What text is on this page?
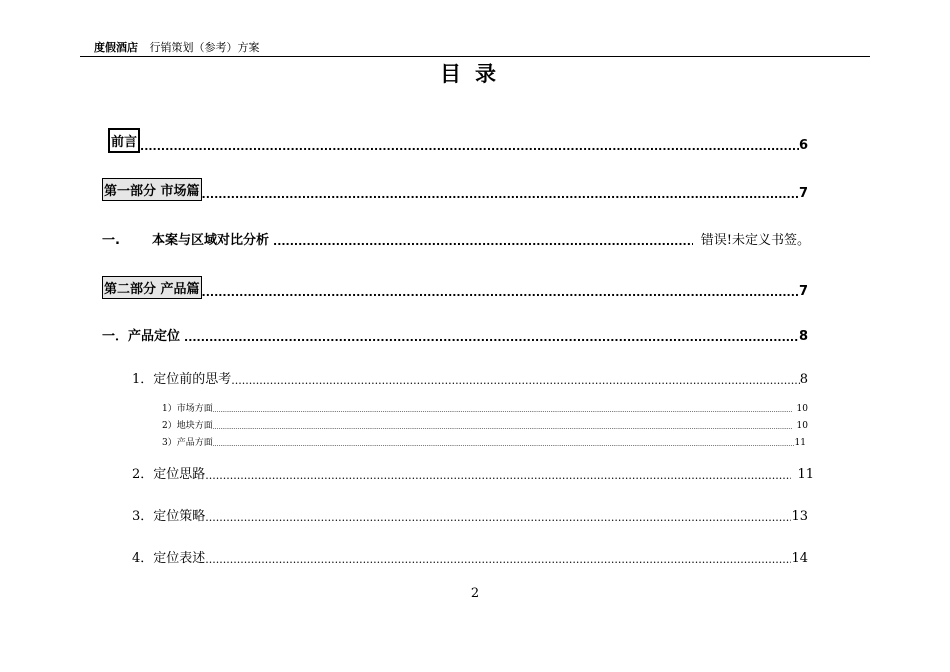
度假酒店 行销策划（参考）方案
目录
前言 .....	6
第一部分 市场篇 .....	7
一.	本案与区域对比分析 .....	错误!未定义书签。
第二部分 产品篇 .....	7
一．产品定位 .....	8
1．定位前的思考 .....	8
1）市场方面 .....	10
2）地块方面 .....	10
3）产品方面 .....	11
2．定位思路 .....	11
3．定位策略 .....	13
4．定位表述 .....	14
2
